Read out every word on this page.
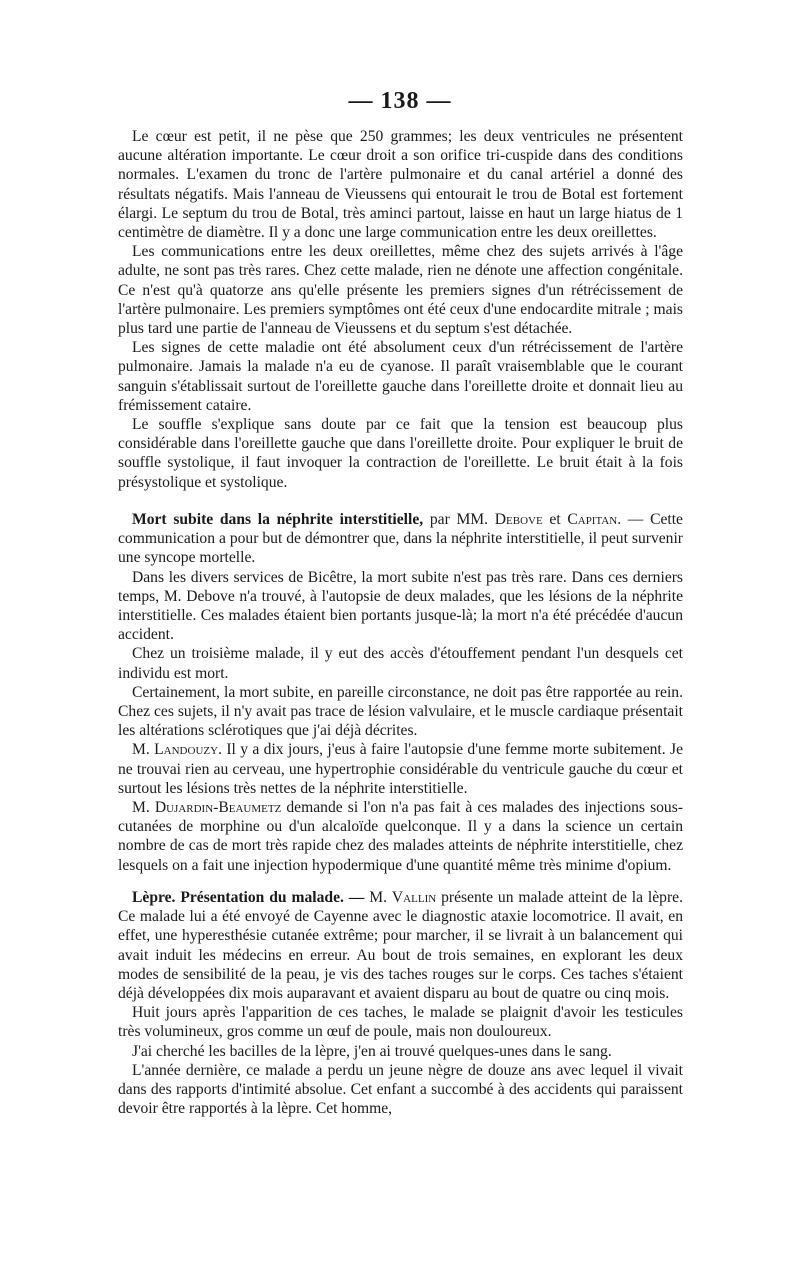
— 138 —

Le cœur est petit, il ne pèse que 250 grammes; les deux ventricules ne présentent aucune altération importante. Le cœur droit a son orifice tri-cuspide dans des conditions normales. L'examen du tronc de l'artère pulmonaire et du canal artériel a donné des résultats négatifs. Mais l'anneau de Vieussens qui entourait le trou de Botal est fortement élargi. Le septum du trou de Botal, très aminci partout, laisse en haut un large hiatus de 1 centimètre de diamètre. Il y a donc une large communication entre les deux oreillettes.

Les communications entre les deux oreillettes, même chez des sujets arrivés à l'âge adulte, ne sont pas très rares. Chez cette malade, rien ne dénote une affection congénitale. Ce n'est qu'à quatorze ans qu'elle présente les premiers signes d'un rétrécissement de l'artère pulmonaire. Les premiers symptômes ont été ceux d'une endocardite mitrale ; mais plus tard une partie de l'anneau de Vieussens et du septum s'est détachée.

Les signes de cette maladie ont été absolument ceux d'un rétrécissement de l'artère pulmonaire. Jamais la malade n'a eu de cyanose. Il paraît vraisemblable que le courant sanguin s'établissait surtout de l'oreillette gauche dans l'oreillette droite et donnait lieu au frémissement cataire.

Le souffle s'explique sans doute par ce fait que la tension est beaucoup plus considérable dans l'oreillette gauche que dans l'oreillette droite. Pour expliquer le bruit de souffle systolique, il faut invoquer la contraction de l'oreillette. Le bruit était à la fois présystolique et systolique.

Mort subite dans la néphrite interstitielle, par MM. Debove et Capitan. — Cette communication a pour but de démontrer que, dans la néphrite interstitielle, il peut survenir une syncope mortelle.

Dans les divers services de Bicêtre, la mort subite n'est pas très rare. Dans ces derniers temps, M. Debove n'a trouvé, à l'autopsie de deux malades, que les lésions de la néphrite interstitielle. Ces malades étaient bien portants jusque-là; la mort n'a été précédée d'aucun accident.

Chez un troisième malade, il y eut des accès d'étouffement pendant l'un desquels cet individu est mort.

Certainement, la mort subite, en pareille circonstance, ne doit pas être rapportée au rein. Chez ces sujets, il n'y avait pas trace de lésion valvulaire, et le muscle cardiaque présentait les altérations sclérotiques que j'ai déjà décrites.

M. Landouzy. Il y a dix jours, j'eus à faire l'autopsie d'une femme morte subitement. Je ne trouvai rien au cerveau, une hypertrophie considérable du ventricule gauche du cœur et surtout les lésions très nettes de la néphrite interstitielle.

M. Dujardin-Beaumetz demande si l'on n'a pas fait à ces malades des injections sous-cutanées de morphine ou d'un alcaloïde quelconque. Il y a dans la science un certain nombre de cas de mort très rapide chez des malades atteints de néphrite interstitielle, chez lesquels on a fait une injection hypodermique d'une quantité même très minime d'opium.

Lèpre. Présentation du malade. — M. Vallin présente un malade atteint de la lèpre. Ce malade lui a été envoyé de Cayenne avec le diagnostic ataxie locomotrice. Il avait, en effet, une hyperesthésie cutanée extrême; pour marcher, il se livrait à un balancement qui avait induit les médecins en erreur. Au bout de trois semaines, en explorant les deux modes de sensibilité de la peau, je vis des taches rouges sur le corps. Ces taches s'étaient déjà développées dix mois auparavant et avaient disparu au bout de quatre ou cinq mois.

Huit jours après l'apparition de ces taches, le malade se plaignit d'avoir les testicules très volumineux, gros comme un œuf de poule, mais non douloureux.

J'ai cherché les bacilles de la lèpre, j'en ai trouvé quelques-unes dans le sang.

L'année dernière, ce malade a perdu un jeune nègre de douze ans avec lequel il vivait dans des rapports d'intimité absolue. Cet enfant a succombé à des accidents qui paraissent devoir être rapportés à la lèpre. Cet homme,
